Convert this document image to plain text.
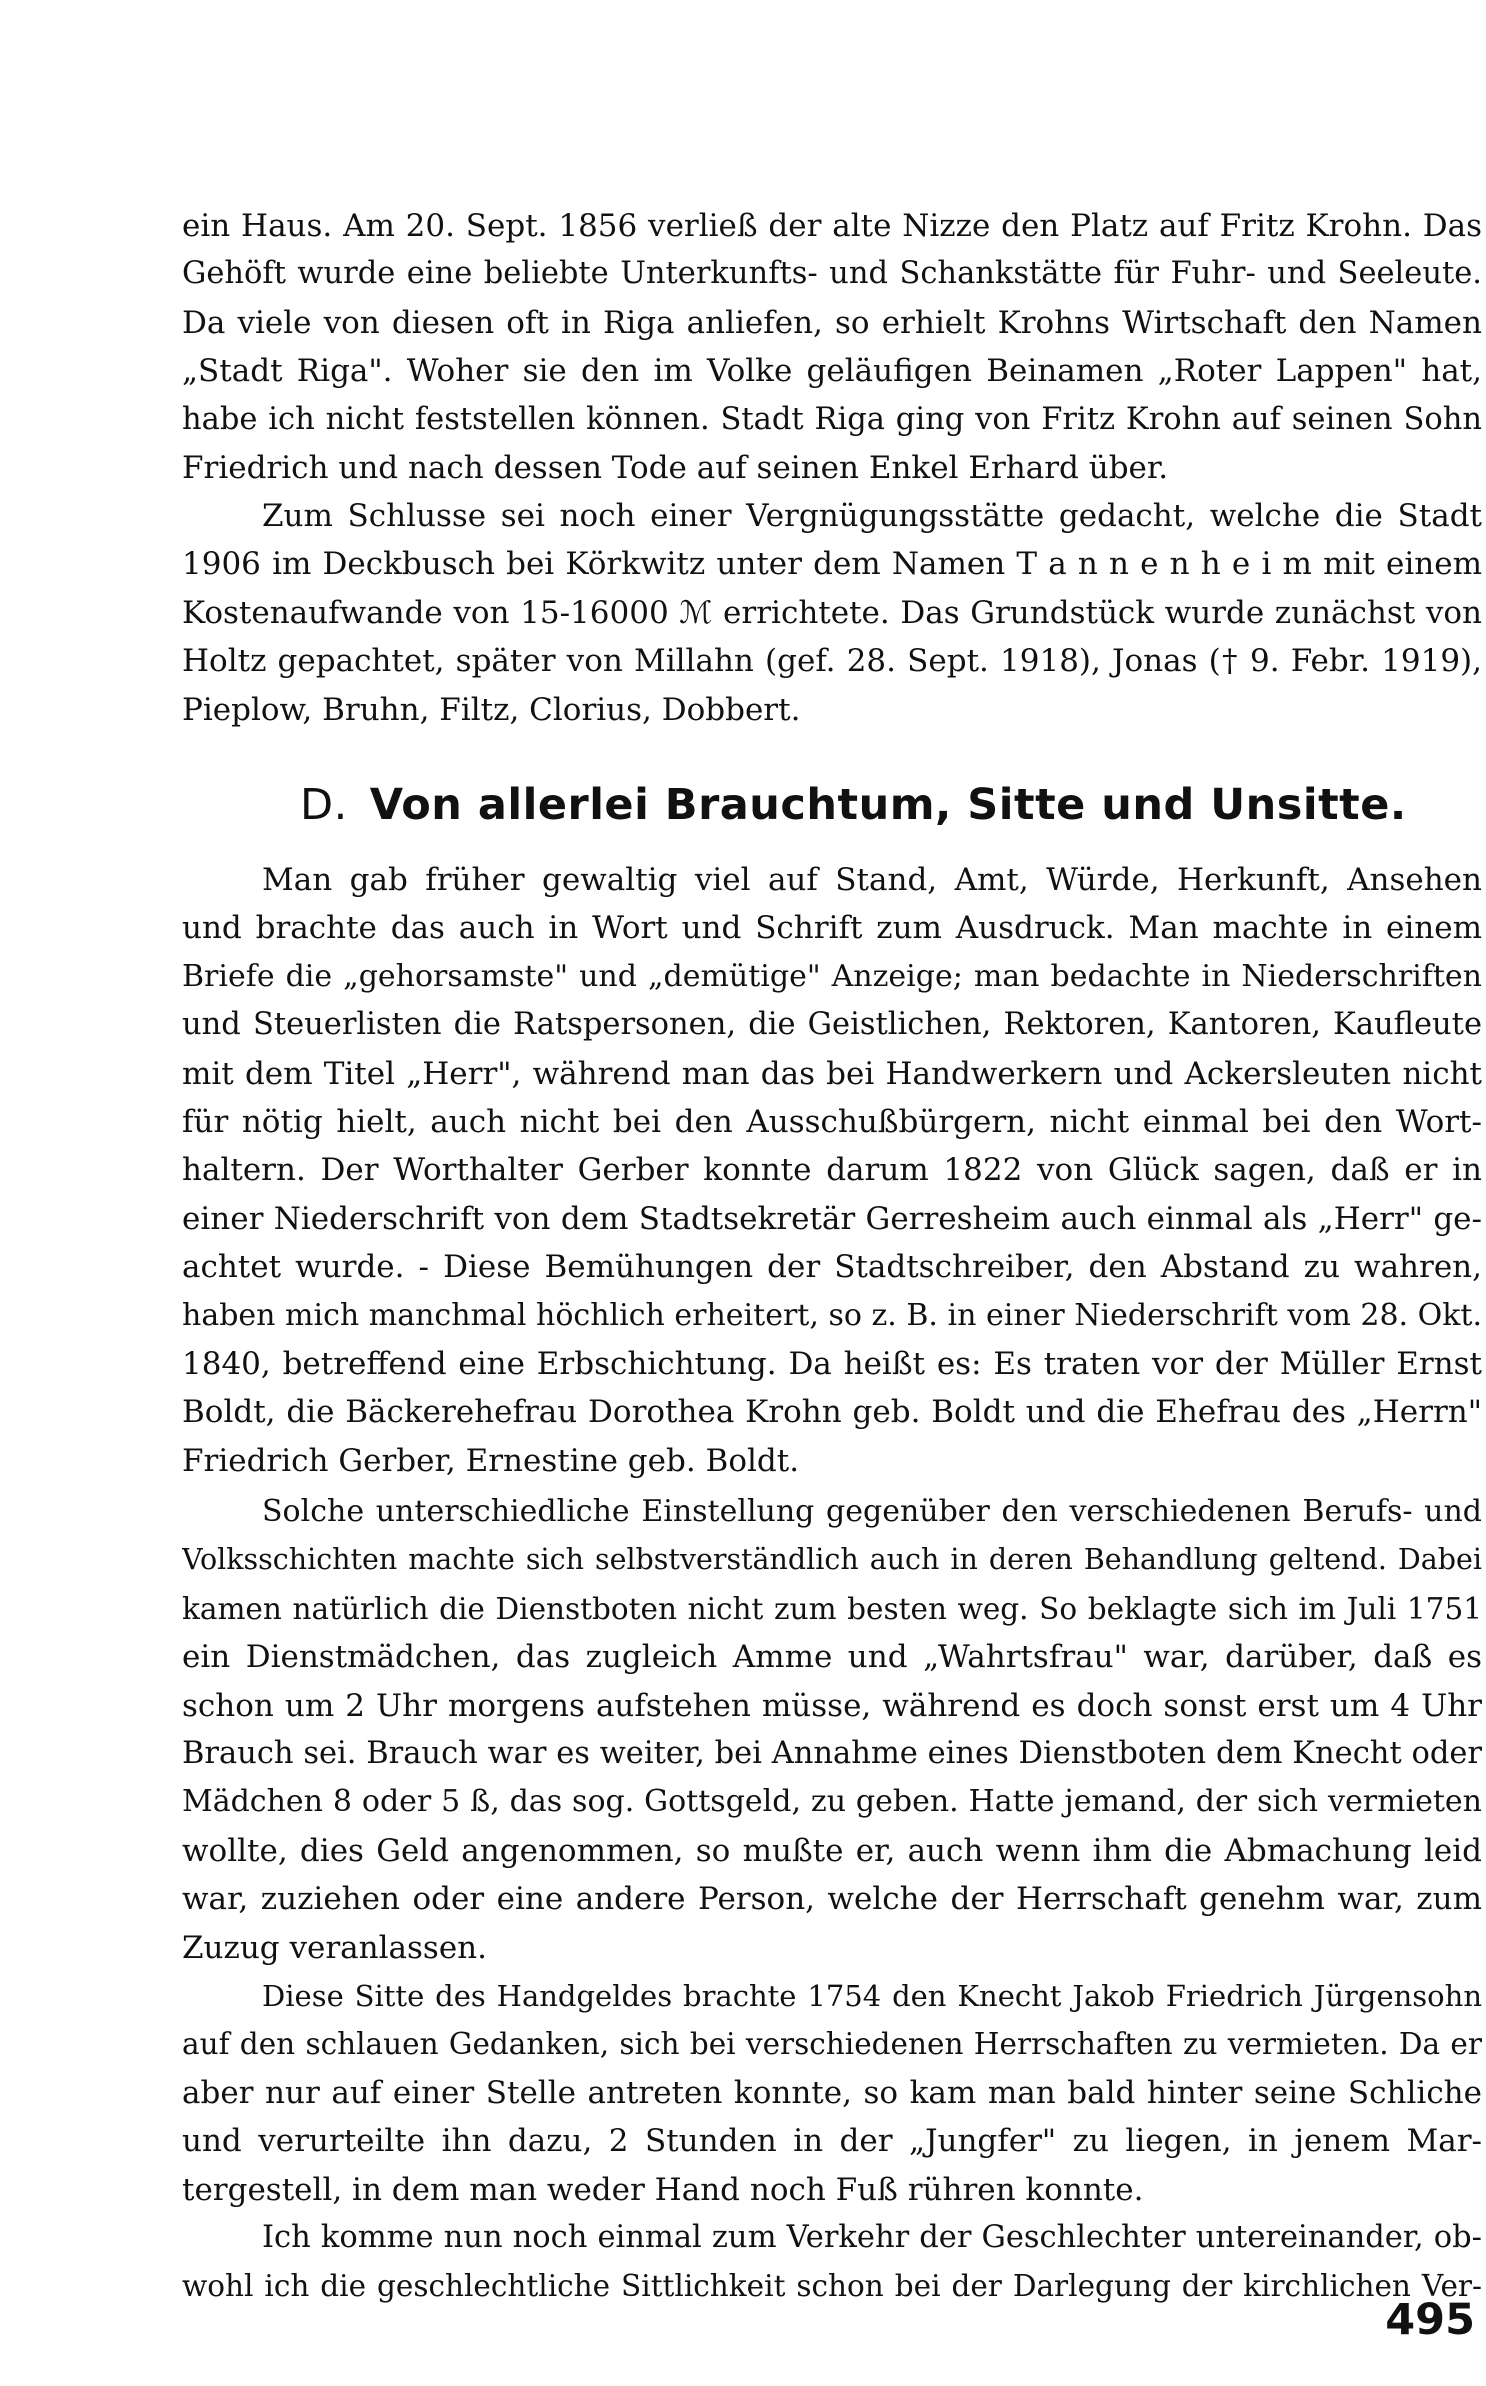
ein Haus. Am 20. Sept. 1856 verließ der alte Nizze den Platz auf Fritz Krohn. Das
Gehöft wurde eine beliebte Unterkunfts- und Schankstätte für Fuhr- und Seeleute.
Da viele von diesen oft in Riga anliefen, so erhielt Krohns Wirtschaft den Namen
„Stadt Riga". Woher sie den im Volke geläufigen Beinamen „Roter Lappen" hat,
habe ich nicht feststellen können. Stadt Riga ging von Fritz Krohn auf seinen Sohn
Friedrich und nach dessen Tode auf seinen Enkel Erhard über.
Zum Schlusse sei noch einer Vergnügungsstätte gedacht, welche die Stadt
1906 im Deckbusch bei Körkwitz unter dem Namen T a n n e n h e i m mit einem
Kostenaufwande von 15-16000 ℳ errichtete. Das Grundstück wurde zunächst von
Holtz gepachtet, später von Millahn (gef. 28. Sept. 1918), Jonas († 9. Febr. 1919),
Pieplow, Bruhn, Filtz, Clorius, Dobbert.
D. Von allerlei Brauchtum, Sitte und Unsitte.
Man gab früher gewaltig viel auf Stand, Amt, Würde, Herkunft, Ansehen
und brachte das auch in Wort und Schrift zum Ausdruck. Man machte in einem
Briefe die „gehorsamste" und „demütige" Anzeige; man bedachte in Niederschriften
und Steuerlisten die Ratspersonen, die Geistlichen, Rektoren, Kantoren, Kaufleute
mit dem Titel „Herr", während man das bei Handwerkern und Ackersleuten nicht
für nötig hielt, auch nicht bei den Ausschußbürgern, nicht einmal bei den Wort-
haltern. Der Worthalter Gerber konnte darum 1822 von Glück sagen, daß er in
einer Niederschrift von dem Stadtsekretär Gerresheim auch einmal als „Herr" ge-
achtet wurde. - Diese Bemühungen der Stadtschreiber, den Abstand zu wahren,
haben mich manchmal höchlich erheitert, so z. B. in einer Niederschrift vom 28. Okt.
1840, betreffend eine Erbschichtung. Da heißt es: Es traten vor der Müller Ernst
Boldt, die Bäckerehefrau Dorothea Krohn geb. Boldt und die Ehefrau des „Herrn"
Friedrich Gerber, Ernestine geb. Boldt.
Solche unterschiedliche Einstellung gegenüber den verschiedenen Berufs- und
Volksschichten machte sich selbstverständlich auch in deren Behandlung geltend. Dabei
kamen natürlich die Dienstboten nicht zum besten weg. So beklagte sich im Juli 1751
ein Dienstmädchen, das zugleich Amme und „Wahrtsfrau" war, darüber, daß es
schon um 2 Uhr morgens aufstehen müsse, während es doch sonst erst um 4 Uhr
Brauch sei. Brauch war es weiter, bei Annahme eines Dienstboten dem Knecht oder
Mädchen 8 oder 5 ß, das sog. Gottsgeld, zu geben. Hatte jemand, der sich vermieten
wollte, dies Geld angenommen, so mußte er, auch wenn ihm die Abmachung leid
war, zuziehen oder eine andere Person, welche der Herrschaft genehm war, zum
Zuzug veranlassen.
Diese Sitte des Handgeldes brachte 1754 den Knecht Jakob Friedrich Jürgensohn
auf den schlauen Gedanken, sich bei verschiedenen Herrschaften zu vermieten. Da er
aber nur auf einer Stelle antreten konnte, so kam man bald hinter seine Schliche
und verurteilte ihn dazu, 2 Stunden in der „Jungfer" zu liegen, in jenem Mar-
tergestell, in dem man weder Hand noch Fuß rühren konnte.
Ich komme nun noch einmal zum Verkehr der Geschlechter untereinander, ob-
wohl ich die geschlechtliche Sittlichkeit schon bei der Darlegung der kirchlichen Ver-
495
